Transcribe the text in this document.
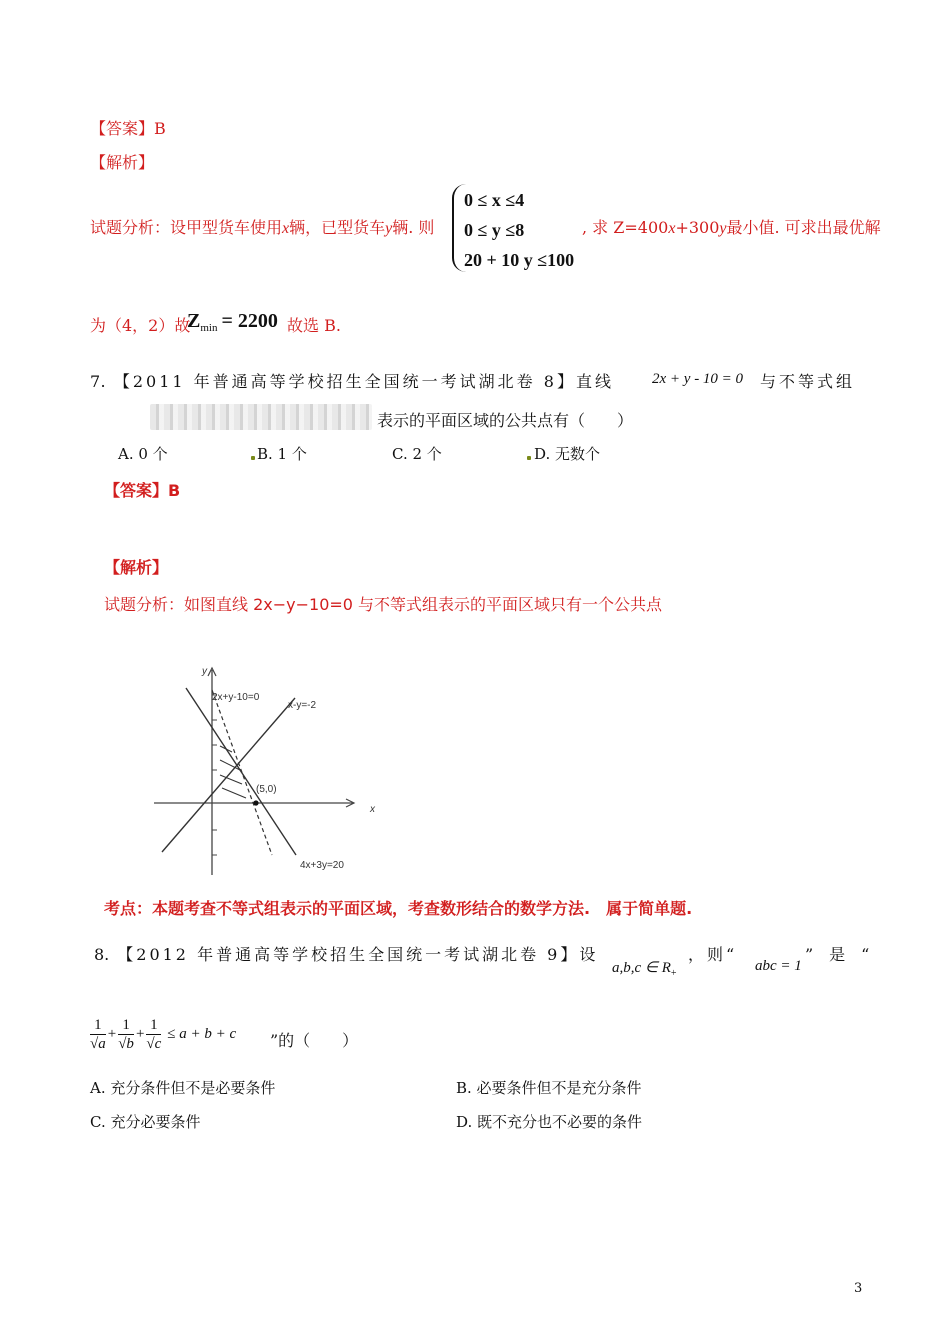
【答案】B
【解析】
试题分析：设甲型货车使用x辆，已型货车y辆. 则
0 ≤ x ≤4
0 ≤ y ≤8
20 + 10 y ≤100
, 求 Z=400x+300y最小值. 可求出最优解
为（4，2）故
$Z_{min} = 2200$ 故选 B.
7. 【2011 年普通高等学校招生全国统一考试湖北卷 8】直线	2x + y - 10 = 0 与不等式组
表示的平面区域的公共点有（　　）
A. 0 个	B. 1 个	C. 2 个	D. 无数个
【答案】B
【解析】
试题分析：如图直线 2x−y−10=0 与不等式组表示的平面区域只有一个公共点
y
x
2x+y-10=0
x-y=-2
(5,0)
4x+3y=20
考点：本题考查不等式组表示的平面区域，考查数形结合的数学方法.　属于简单题.
8. 【2012 年普通高等学校招生全国统一考试湖北卷 9】设
a,b,c ∈ $R_+$
，则“
abc = 1
”是“
$\frac{1}{√a} + \frac{1}{√b} + \frac{1}{√c} \le a + b + c$ ”的（　　）
A. 充分条件但不是必要条件	B. 必要条件但不是充分条件
C. 充分必要条件	D. 既不充分也不必要的条件
3
